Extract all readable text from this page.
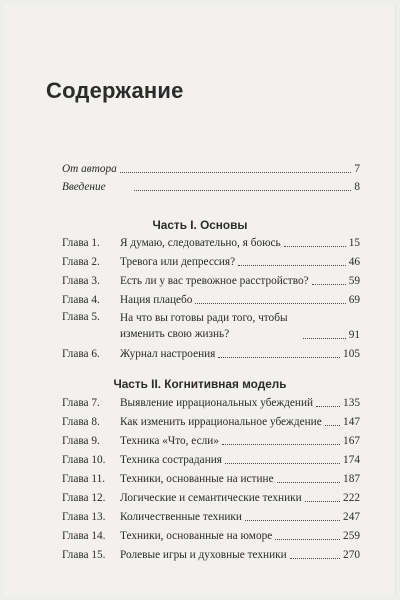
Содержание
От автора	7
Введение	8
Часть I. Основы
Глава 1.	Я думаю, следовательно, я боюсь	15
Глава 2.	Тревога или депрессия?	46
Глава 3.	Есть ли у вас тревожное расстройство?	59
Глава 4.	Нация плацебо	69
Глава 5.	На что вы готовы ради того, чтобы изменить свою жизнь?	91
Глава 6.	Журнал настроения	105
Часть II. Когнитивная модель
Глава 7.	Выявление иррациональных убеждений	135
Глава 8.	Как изменить иррациональное убеждение 147
Глава 9.	Техника «Что, если»	167
Глава 10.	Техника сострадания	174
Глава 11.	Техники, основанные на истине	187
Глава 12.	Логические и семантические техники	222
Глава 13.	Количественные техники	247
Глава 14.	Техники, основанные на юморе	259
Глава 15.	Ролевые игры и духовные техники	270
